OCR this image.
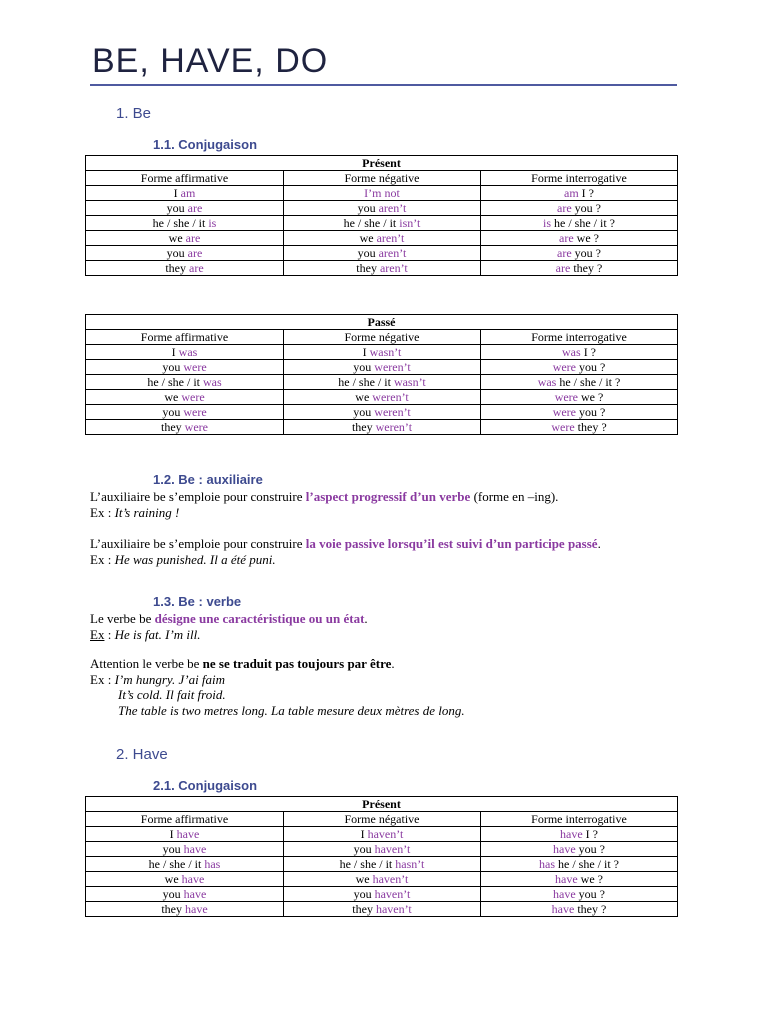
BE, HAVE, DO
1. Be
1.1. Conjugaison
Présent		
Forme affirmative	Forme négative	Forme interrogative
I am	I’m not	am I ?
you are	you aren’t	are you ?
he / she / it is	he / she / it isn’t	is he / she / it ?
we are	we aren’t	are we ?
you are	you aren’t	are you ?
they are	they aren’t	are they ?
Passé		
Forme affirmative	Forme négative	Forme interrogative
I was	I wasn’t	was I ?
you were	you weren’t	were you ?
he / she / it was	he / she / it wasn’t	was he / she / it ?
we were	we weren’t	were we ?
you were	you weren’t	were you ?
they were	they weren’t	were they ?
1.2. Be : auxiliaire
L’auxiliaire be s’emploie pour construire l’aspect progressif d’un verbe (forme en –ing).
Ex : It’s raining !
L’auxiliaire be s’emploie pour construire la voie passive lorsqu’il est suivi d’un participe passé.
Ex : He was punished. Il a été puni.
1.3. Be : verbe
Le verbe be désigne une caractéristique ou un état.
Ex : He is fat. I’m ill.
Attention le verbe be ne se traduit pas toujours par être.
Ex : I’m hungry. J’ai faim
It’s cold. Il fait froid.
The table is two metres long. La table mesure deux mètres de long.
2. Have
2.1. Conjugaison
Présent		
Forme affirmative	Forme négative	Forme interrogative
I have	I haven’t	have I ?
you have	you haven’t	have you ?
he / she / it has	he / she / it hasn’t	has he / she / it ?
we have	we haven’t	have we ?
you have	you haven’t	have you ?
they have	they haven’t	have they ?
